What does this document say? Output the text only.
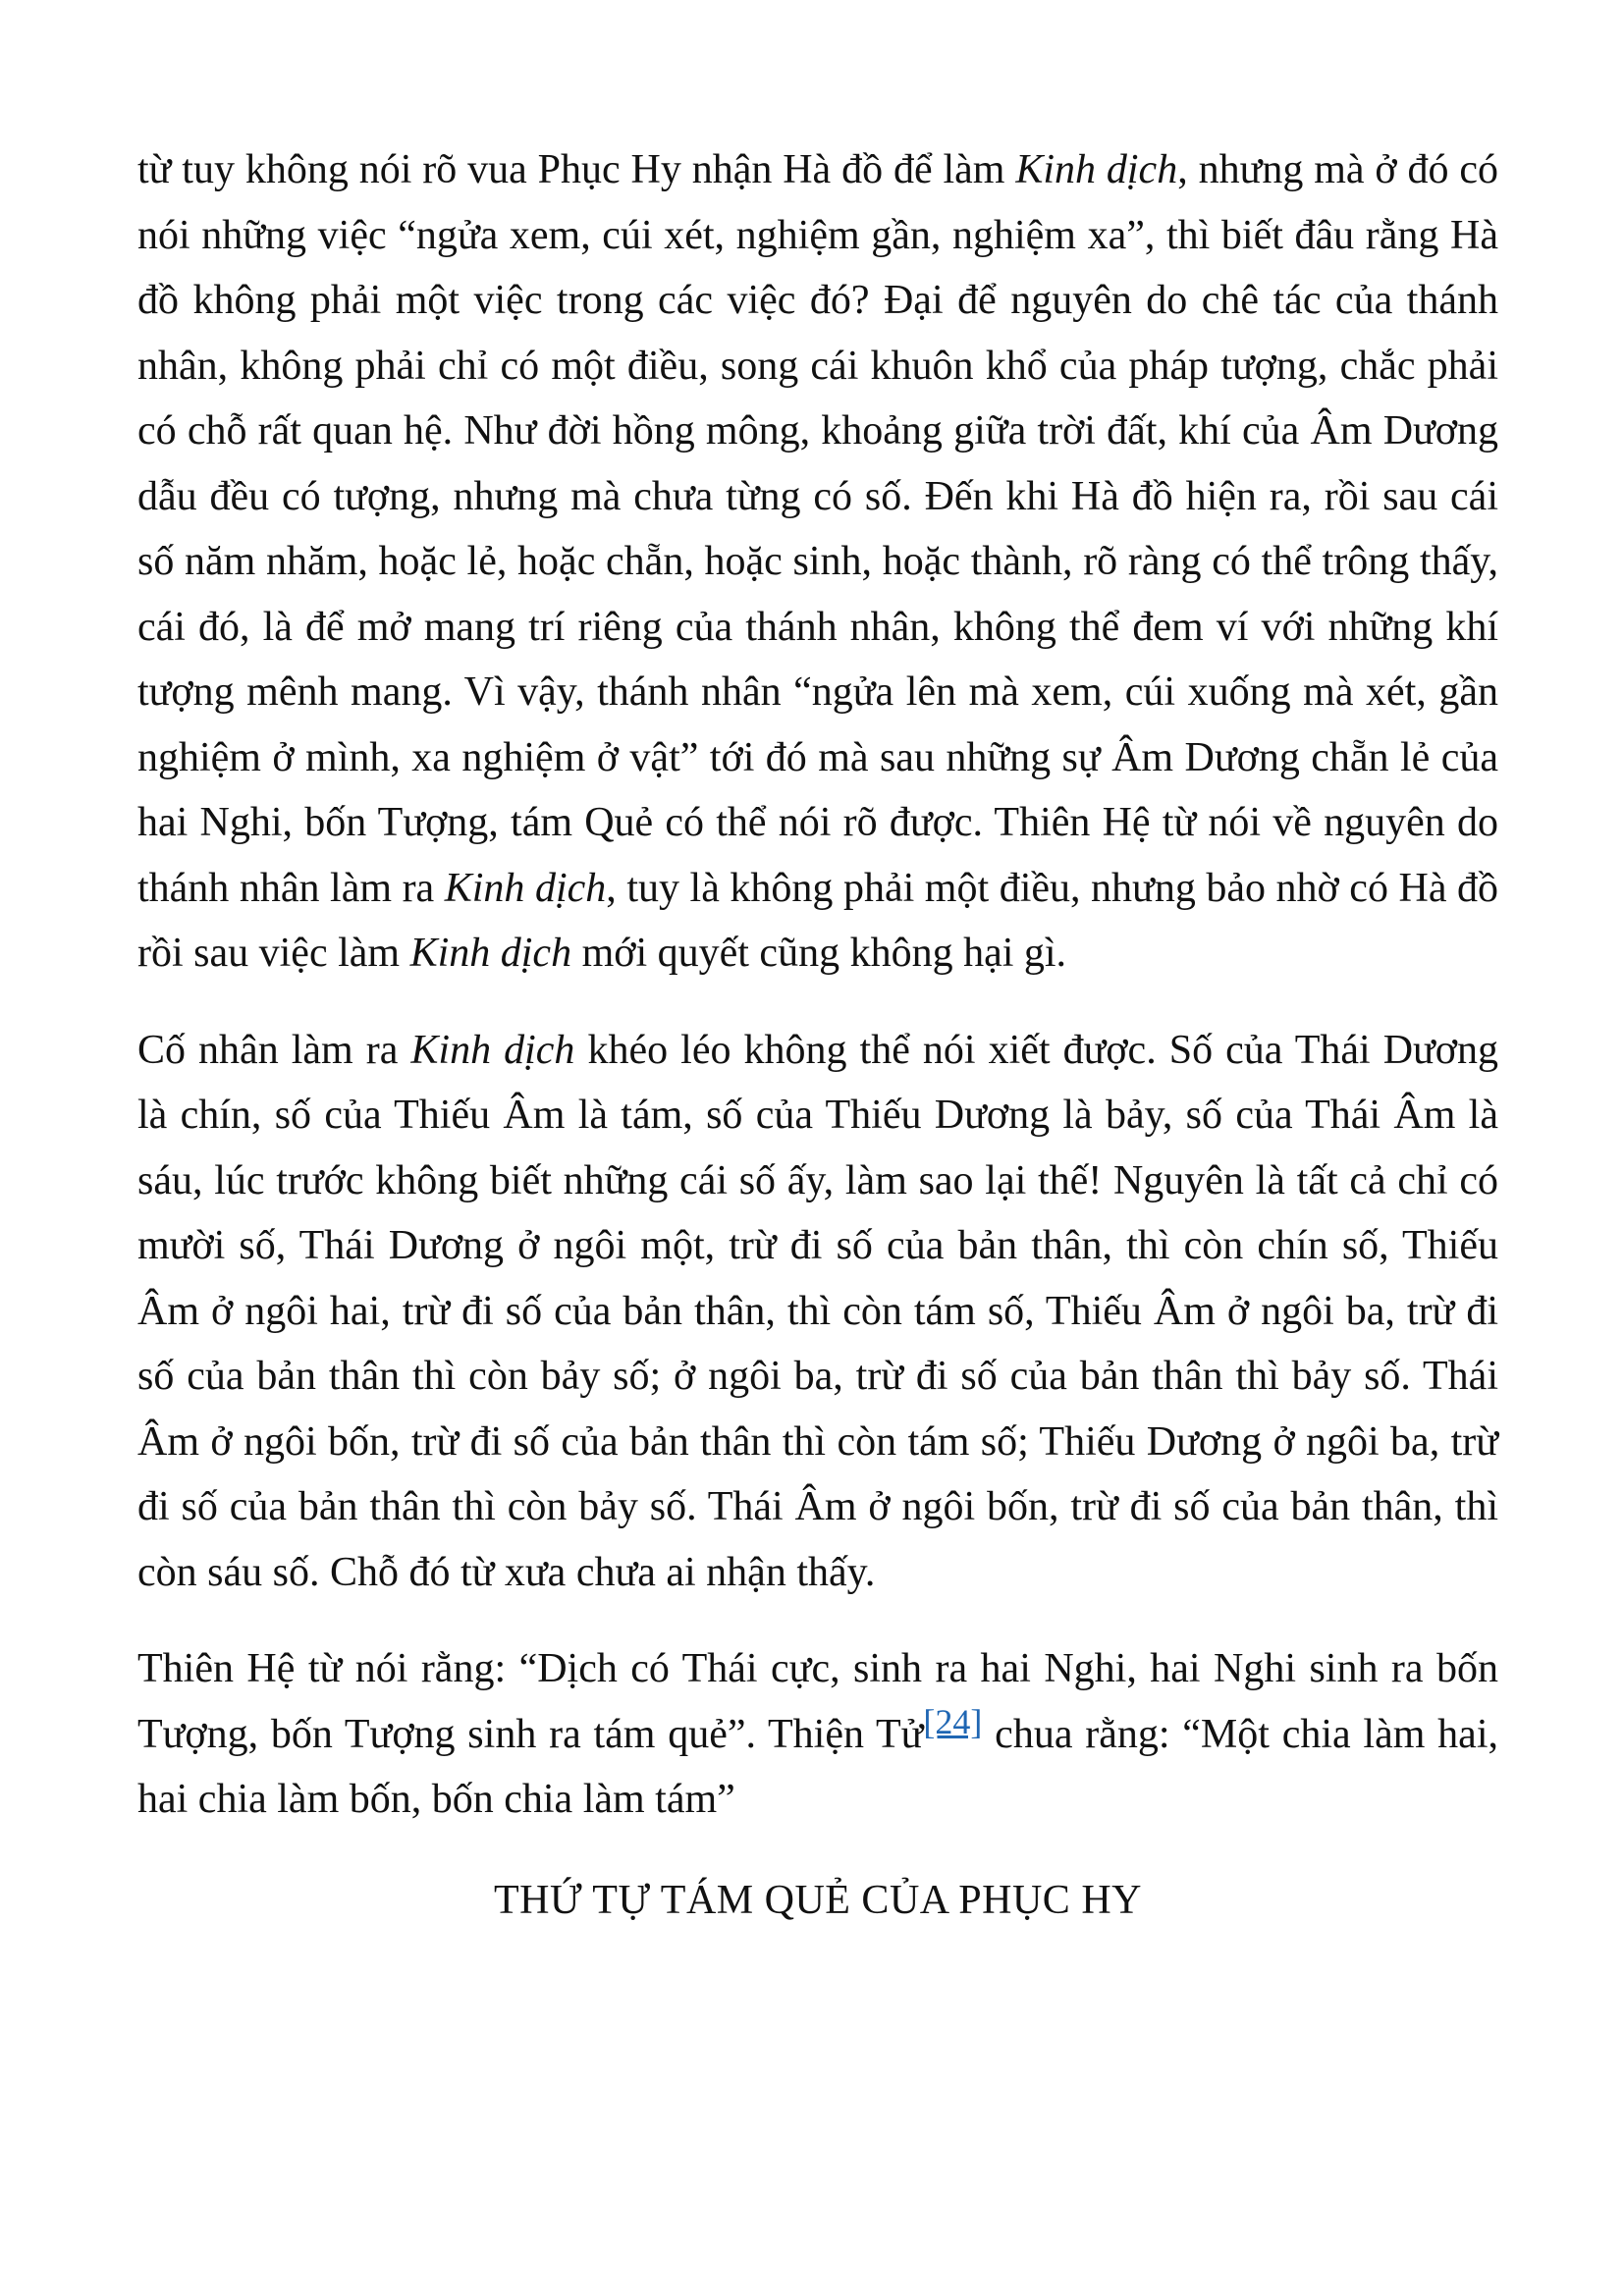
từ tuy không nói rõ vua Phục Hy nhận Hà đồ để làm Kinh dịch, nhưng mà ở đó có nói những việc “ngửa xem, cúi xét, nghiệm gần, nghiệm xa”, thì biết đâu rằng Hà đồ không phải một việc trong các việc đó? Đại để nguyên do chê tác của thánh nhân, không phải chỉ có một điều, song cái khuôn khổ của pháp tượng, chắc phải có chỗ rất quan hệ. Như đời hồng mông, khoảng giữa trời đất, khí của Âm Dương dẫu đều có tượng, nhưng mà chưa từng có số. Đến khi Hà đồ hiện ra, rồi sau cái số năm nhăm, hoặc lẻ, hoặc chẵn, hoặc sinh, hoặc thành, rõ ràng có thể trông thấy, cái đó, là để mở mang trí riêng của thánh nhân, không thể đem ví với những khí tượng mênh mang. Vì vậy, thánh nhân “ngửa lên mà xem, cúi xuống mà xét, gần nghiệm ở mình, xa nghiệm ở vật” tới đó mà sau những sự Âm Dương chẵn lẻ của hai Nghi, bốn Tượng, tám Quẻ có thể nói rõ được. Thiên Hệ từ nói về nguyên do thánh nhân làm ra Kinh dịch, tuy là không phải một điều, nhưng bảo nhờ có Hà đồ rồi sau việc làm Kinh dịch mới quyết cũng không hại gì.

Cố nhân làm ra Kinh dịch khéo léo không thể nói xiết được. Số của Thái Dương là chín, số của Thiếu Âm là tám, số của Thiếu Dương là bảy, số của Thái Âm là sáu, lúc trước không biết những cái số ấy, làm sao lại thế! Nguyên là tất cả chỉ có mười số, Thái Dương ở ngôi một, trừ đi số của bản thân, thì còn chín số, Thiếu Âm ở ngôi hai, trừ đi số của bản thân, thì còn tám số, Thiếu Âm ở ngôi ba, trừ đi số của bản thân thì còn bảy số; ở ngôi ba, trừ đi số của bản thân thì bảy số. Thái Âm ở ngôi bốn, trừ đi số của bản thân thì còn tám số; Thiếu Dương ở ngôi ba, trừ đi số của bản thân thì còn bảy số. Thái Âm ở ngôi bốn, trừ đi số của bản thân, thì còn sáu số. Chỗ đó từ xưa chưa ai nhận thấy.

Thiên Hệ từ nói rằng: “Dịch có Thái cực, sinh ra hai Nghi, hai Nghi sinh ra bốn Tượng, bốn Tượng sinh ra tám quẻ”. Thiện Tử[24] chua rằng: “Một chia làm hai, hai chia làm bốn, bốn chia làm tám”

THỨ TỰ TÁM QUẺ CỦA PHỤC HY
